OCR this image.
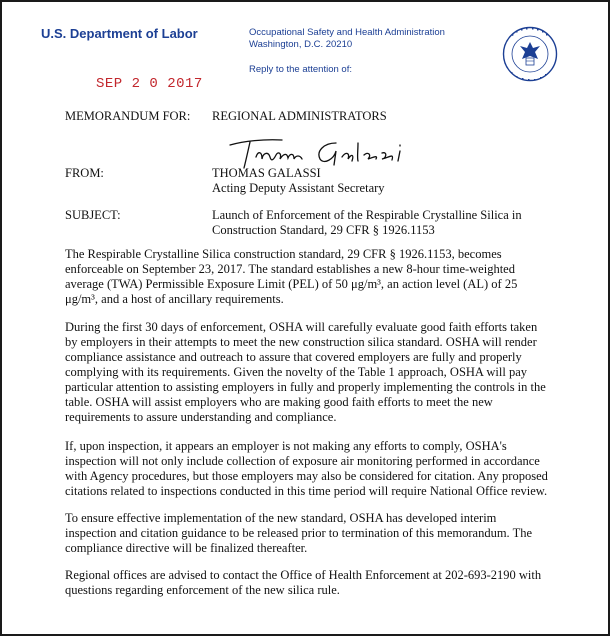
U.S. Department of Labor	Occupational Safety and Health Administration
Washington, D.C. 20210
Reply to the attention of:
SEP 2 0 2017
MEMORANDUM FOR: REGIONAL ADMINISTRATORS
FROM:	THOMAS GALASSI
Acting Deputy Assistant Secretary
SUBJECT:	Launch of Enforcement of the Respirable Crystalline Silica in
Construction Standard, 29 CFR § 1926.1153
The Respirable Crystalline Silica construction standard, 29 CFR § 1926.1153, becomes
enforceable on September 23, 2017. The standard establishes a new 8-hour time-weighted
average (TWA) Permissible Exposure Limit (PEL) of 50 μg/m³, an action level (AL) of 25
μg/m³, and a host of ancillary requirements.
During the first 30 days of enforcement, OSHA will carefully evaluate good faith efforts taken
by employers in their attempts to meet the new construction silica standard. OSHA will render
compliance assistance and outreach to assure that covered employers are fully and properly
complying with its requirements. Given the novelty of the Table 1 approach, OSHA will pay
particular attention to assisting employers in fully and properly implementing the controls in the
table. OSHA will assist employers who are making good faith efforts to meet the new
requirements to assure understanding and compliance.
If, upon inspection, it appears an employer is not making any efforts to comply, OSHA's
inspection will not only include collection of exposure air monitoring performed in accordance
with Agency procedures, but those employers may also be considered for citation. Any proposed
citations related to inspections conducted in this time period will require National Office review.
To ensure effective implementation of the new standard, OSHA has developed interim
inspection and citation guidance to be released prior to termination of this memorandum. The
compliance directive will be finalized thereafter.
Regional offices are advised to contact the Office of Health Enforcement at 202-693-2190 with
questions regarding enforcement of the new silica rule.
